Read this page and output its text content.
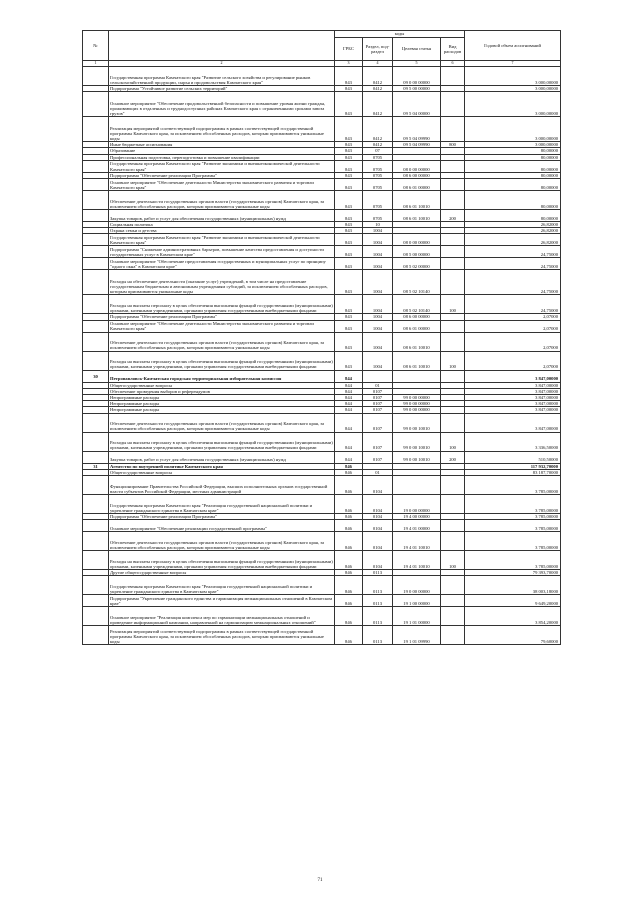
№		коды				Годовой объем ассигнований
		ГРБС	Раздел, под-раздел	Целевая статья	Вид расходов	
1	2	3	4	5	6	7
	Государственная программа Камчатского края "Развитие сельского хозяйства и регулирование рынков сельскохозяйственной продукции, сырья и продовольствия Камчатского края"	843	0412	09 0 00 00000		3 000,00000
	Подпрограмма "Устойчивое развитие сельских территорий"	843	0412	09 5 00 00000		3 000,00000
	Основное мероприятие "Обеспечение продовольственной безопасности и повышение уровня жизни граждан, проживающих в отдаленных и труднодоступных районах Камчатского края с ограниченными сроками завоза грузов"	843	0412	09 5 04 00000		3 000,00000
	Реализация мероприятий соответствующей подпрограммы в рамках соответствующей государственной программы Камчатского края, за исключением обособленных расходов, которым присваиваются уникальные коды	843	0412	09 5 04 09990		3 000,00000
	Иные бюджетные ассигнования	843	0412	09 5 04 09990	800	3 000,00000
	Образование	843	07			80,00000
	Профессиональная подготовка, переподготовка и повышение квалификации	843	0705			80,00000
	Государственная программа Камчатского края "Развитие экономики и внешнеэкономической деятельности Камчатского края"	843	0705	08 0 00 00000		80,00000
	Подпрограмма "Обеспечение реализации Программы"	843	0705	08 6 00 00000		80,00000
	Основное мероприятие "Обеспечение деятельности Министерства экономического развития и торговли Камчатского края"	843	0705	08 6 01 00000		80,00000
	Обеспечение деятельности государственных органов власти (государственных органов) Камчатского края, за исключением обособленных расходов, которым присваиваются уникальные коды	843	0705	08 6 01 10010		80,00000
	Закупка товаров, работ и услуг для обеспечения государственных (муниципальных) нужд	843	0705	08 6 01 10010	200	80,00000
	Социальная политика	843	10			26,82000
	Охрана семьи и детства	843	1004			26,82000
	Государственная программа Камчатского края "Развитие экономики и внешнеэкономической деятельности Камчатского края"	843	1004	08 0 00 00000		26,82000
	Подпрограмма "Снижение административных барьеров, повышение качества предоставления и доступности государственных услуг в Камчатском крае"	843	1004	08 5 00 00000		24,75000
	Основное мероприятие "Обеспечение предоставления государственных и муниципальных услуг по принципу "одного окна" в Камчатском крае"	843	1004	08 5 02 00000		24,75000
	Расходы на обеспечение деятельности (оказание услуг) учреждений, в том числе на предоставление государственным бюджетным и автономным учреждениям субсидий, за исключением обособленных расходов, которым присваиваются уникальные коды	843	1004	08 5 02 10140		24,75000
	Расходы на выплаты персоналу в целях обеспечения выполнения функций государственными (муниципальными) органами, казенными учреждениями, органами управления государственными внебюджетными фондами	843	1004	08 5 02 10140	100	24,75000
	Подпрограмма "Обеспечение реализации Программы"	843	1004	08 6 00 00000		2,07000
	Основное мероприятие "Обеспечение деятельности Министерства экономического развития и торговли Камчатского края"	843	1004	08 6 01 00000		2,07000
	Обеспечение деятельности государственных органов власти (государственных органов) Камчатского края, за исключением обособленных расходов, которым присваиваются уникальные коды	843	1004	08 6 01 10010		2,07000
	Расходы на выплаты персоналу в целях обеспечения выполнения функций государственными (муниципальными) органами, казенными учреждениями, органами управления государственными внебюджетными фондами	843	1004	08 6 01 10010	100	2,07000
30	Петропавловск-Камчатская городская территориальная избирательная комиссия	844				3 847,00000
	Общегосударственные вопросы	844	01			3 847,00000
	Обеспечение проведения выборов и референдумов	844	0107			3 847,00000
	Непрограммные расходы	844	0107	99 0 00 00000		3 847,00000
	Непрограммные расходы	844	0107	99 0 00 00000		3 847,00000
	Непрограммные расходы	844	0107	99 0 00 00000		3 847,00000
	Обеспечение деятельности государственных органов власти (государственных органов) Камчатского края, за исключением обособленных расходов, которым присваиваются уникальные коды	844	0107	99 0 00 10010		3 847,00000
	Расходы на выплаты персоналу в целях обеспечения выполнения функций государственными (муниципальными) органами, казенными учреждениями, органами управления государственными внебюджетными фондами	844	0107	99 0 00 10010	100	3 336,50000
	Закупка товаров, работ и услуг для обеспечения государственных (муниципальных) нужд	844	0107	99 0 00 10010	200	510,50000
31	Агентство по внутренней политике Камчатского края	846				117 932,70000
	Общегосударственные вопросы	846	01			83 187,70000
	Функционирование Правительства Российской Федерации, высших исполнительных органов государственной власти субъектов Российской Федерации, местных администраций	846	0104			3 785,00000
	Государственная программа Камчатского края "Реализация государственной национальной политики и укрепление гражданского единства в Камчатском крае"	846	0104	19 0 00 00000		3 785,00000
	Подпрограмма "Обеспечение реализации Программы"	846	0104	19 4 00 00000		3 785,00000
	Основное мероприятие "Обеспечение реализации государственной программы"	846	0104	19 4 01 00000		3 785,00000
	Обеспечение деятельности государственных органов власти (государственных органов) Камчатского края, за исключением обособленных расходов, которым присваиваются уникальные коды	846	0104	19 4 01 10010		3 785,00000
	Расходы на выплаты персоналу в целях обеспечения выполнения функций государственными (муниципальными) органами, казенными учреждениями, органами управления государственными внебюджетными фондами	846	0104	19 4 01 10010	100	3 785,00000
	Другие общегосударственные вопросы	846	0113			79 393,70000
	Государственная программа Камчатского края "Реализация государственной национальной политики и укрепление гражданского единства в Камчатском крае"	846	0113	19 0 00 00000		38 003,18000
	Подпрограмма "Укрепление гражданского единства и гармонизация межнациональных отношений в Камчатском крае"	846	0113	19 1 00 00000		9 649,20000
	Основное мероприятие "Реализация комплекса мер по гармонизации межнациональных отношений и проведение информационной кампании, направленной на гармонизацию межнациональных отношений"	846	0113	19 1 01 00000		3 854,20000
	Реализация мероприятий соответствующей подпрограммы в рамках соответствующей государственной программы Камчатского края, за исключением обособленных расходов, которым присваиваются уникальные коды	846	0113	19 1 01 09990		79,60000
71
